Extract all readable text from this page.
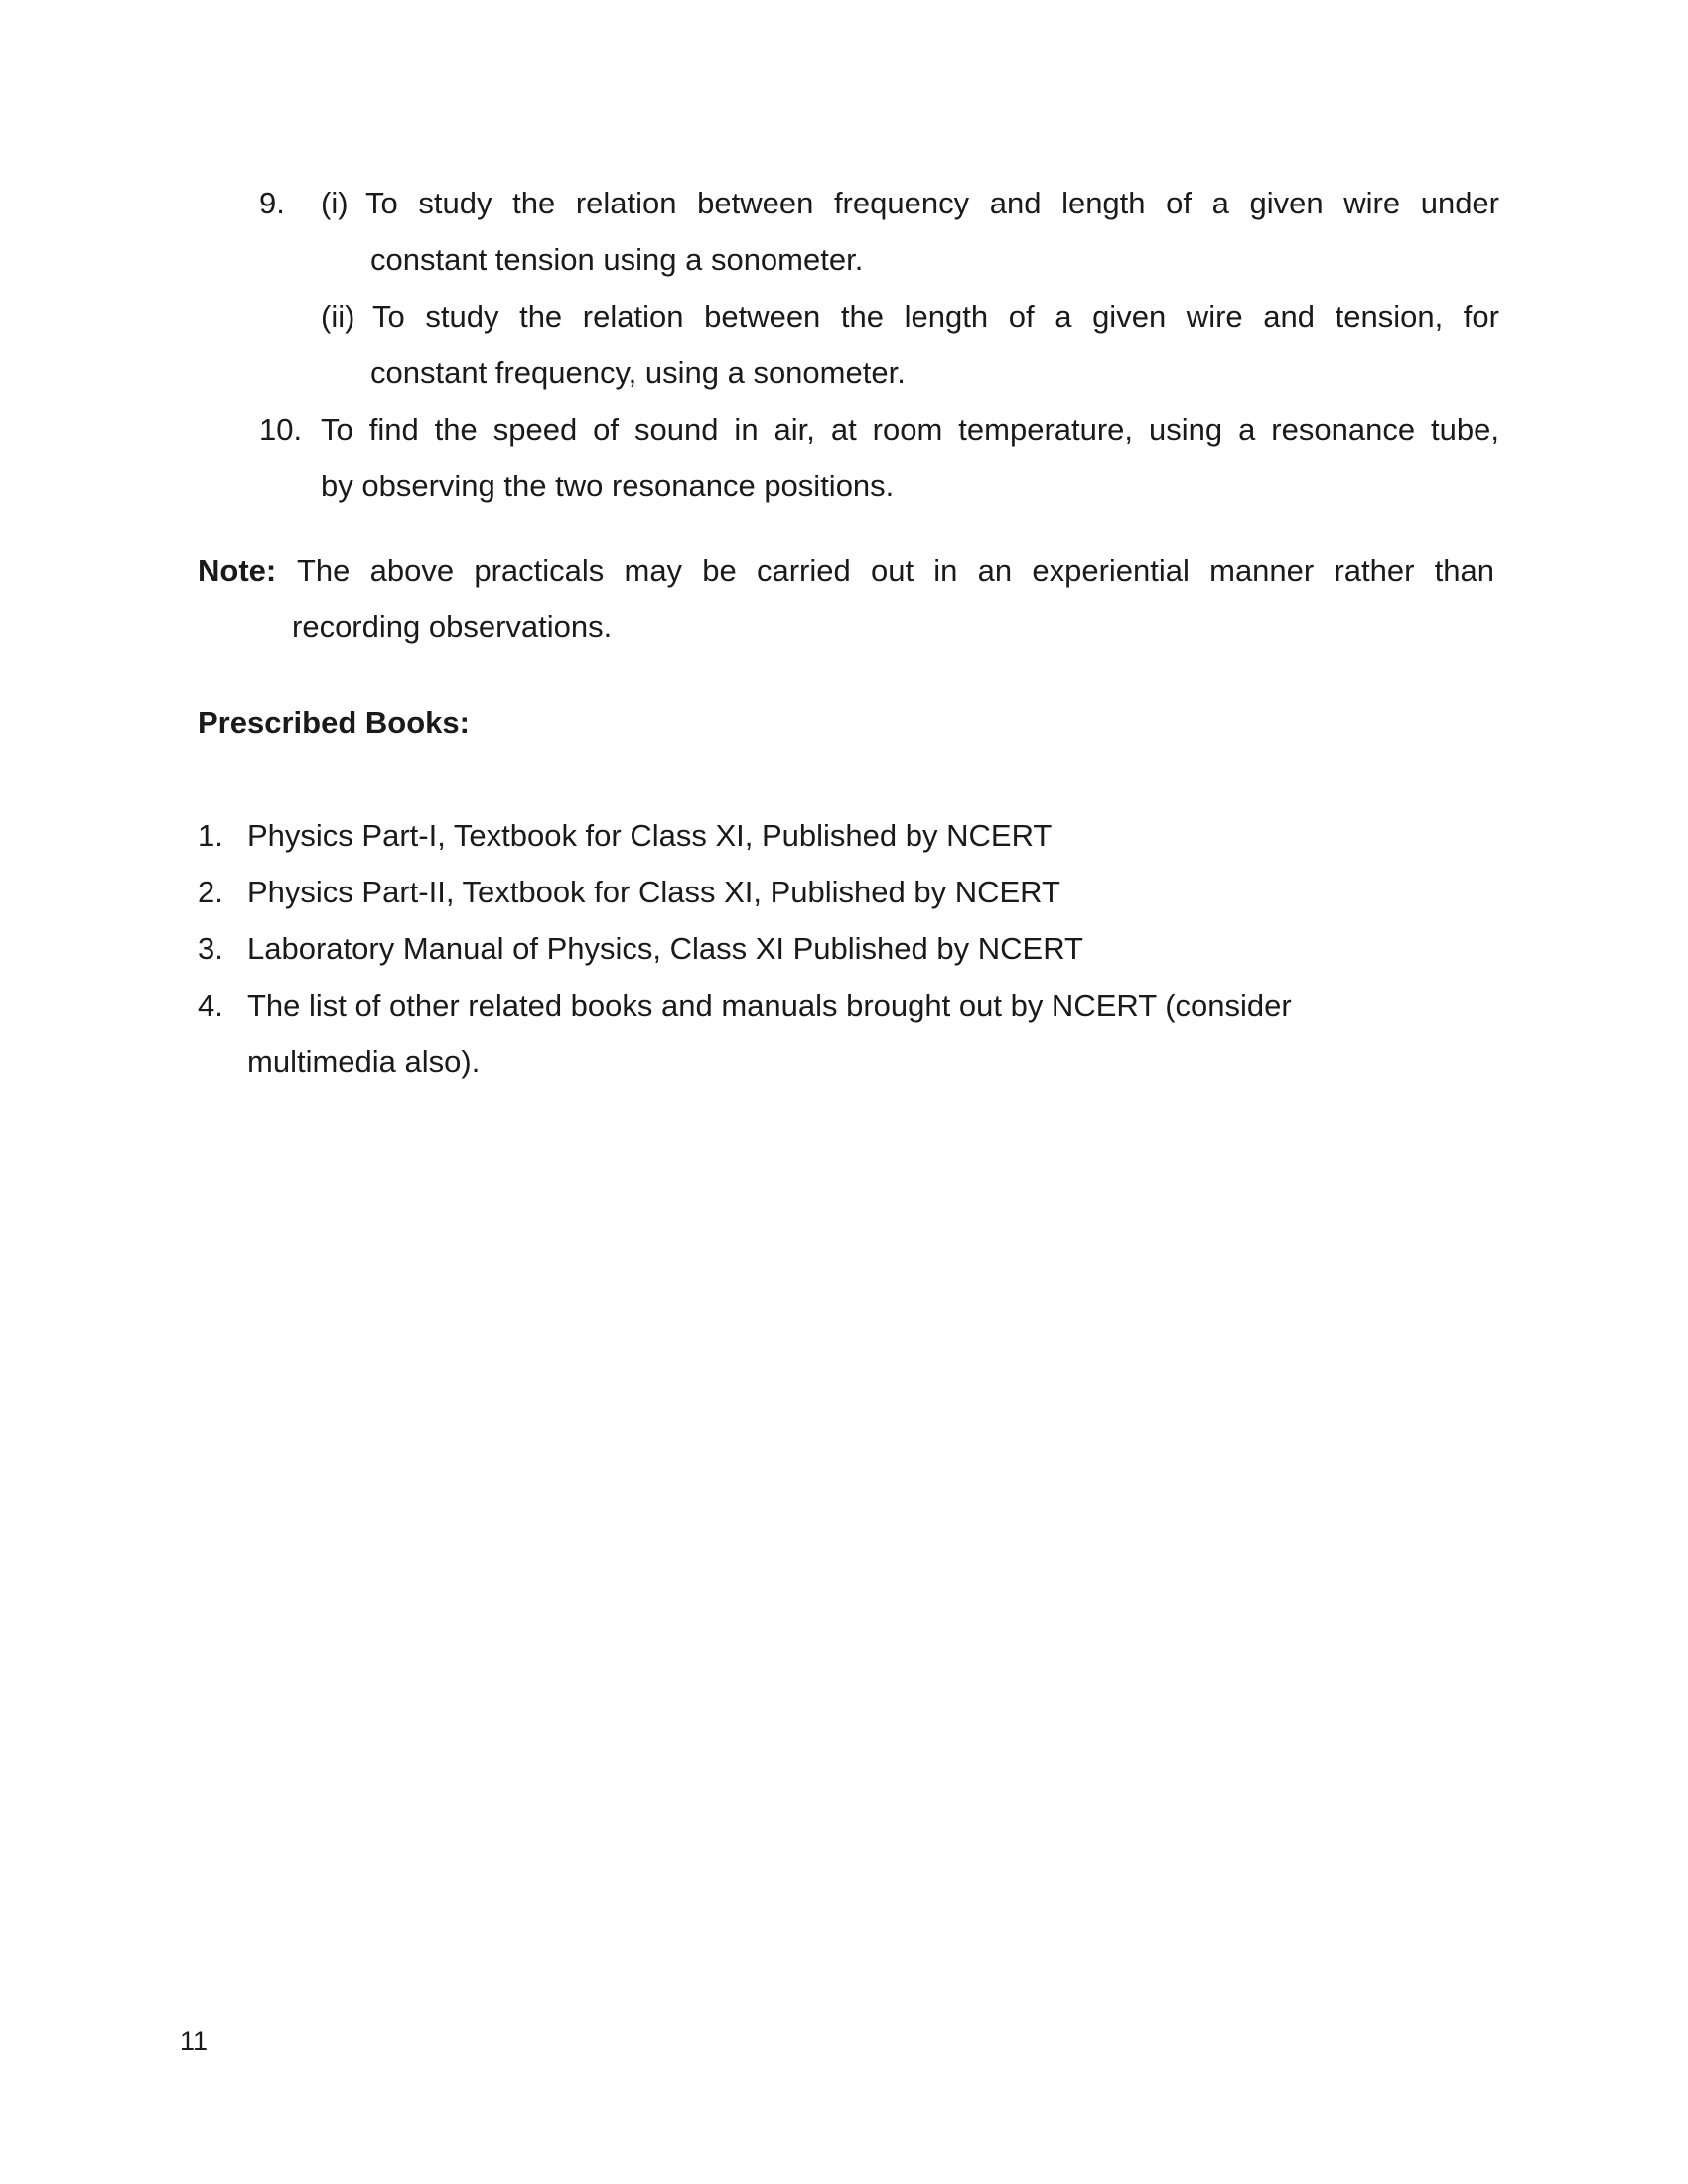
9. (i) To study the relation between frequency and length of a given wire under
constant tension using a sonometer.
(ii) To study the relation between the length of a given wire and tension, for
constant frequency, using a sonometer.
10. To find the speed of sound in air, at room temperature, using a resonance tube,
by observing the two resonance positions.
Note: The above practicals may be carried out in an experiential manner rather than
recording observations.
Prescribed Books:
1. Physics Part-I, Textbook for Class XI, Published by NCERT
2. Physics Part-II, Textbook for Class XI, Published by NCERT
3. Laboratory Manual of Physics, Class XI Published by NCERT
4. The list of other related books and manuals brought out by NCERT (consider
multimedia also).
11
